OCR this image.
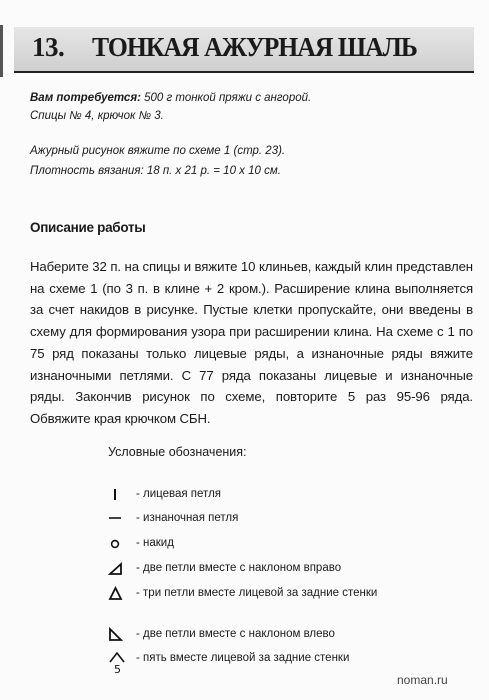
13. ТОНКАЯ АЖУРНАЯ ШАЛЬ
Вам потребуется: 500 г тонкой пряжи с ангорой.
Спицы № 4, крючок № 3.
Ажурный рисунок вяжите по схеме 1 (стр. 23).
Плотность вязания: 18 п. х 21 р. = 10 х 10 см.
Описание работы
Наберите 32 п. на спицы и вяжите 10 клиньев, каждый клин представлен на схеме 1 (по 3 п. в клине + 2 кром.). Расширение клина выполняется за счет накидов в рисунке. Пустые клетки пропускайте, они введены в схему для формирования узора при расширении клина. На схеме с 1 по 75 ряд показаны только лицевые ряды, а изнаночные ряды вяжите изнаночными петлями. С 77 ряда показаны лицевые и изнаночные ряды. Закончив рисунок по схеме, повторите 5 раз 95-96 ряда. Обвяжите края крючком СБН.
Условные обозначения:
- лицевая петля
- изнаночная петля
- накид
- две петли вместе с наклоном вправо
- три петли вместе лицевой за задние стенки
- две петли вместе с наклоном влево
5
- пять вместе лицевой за задние стенки
noman.ru
